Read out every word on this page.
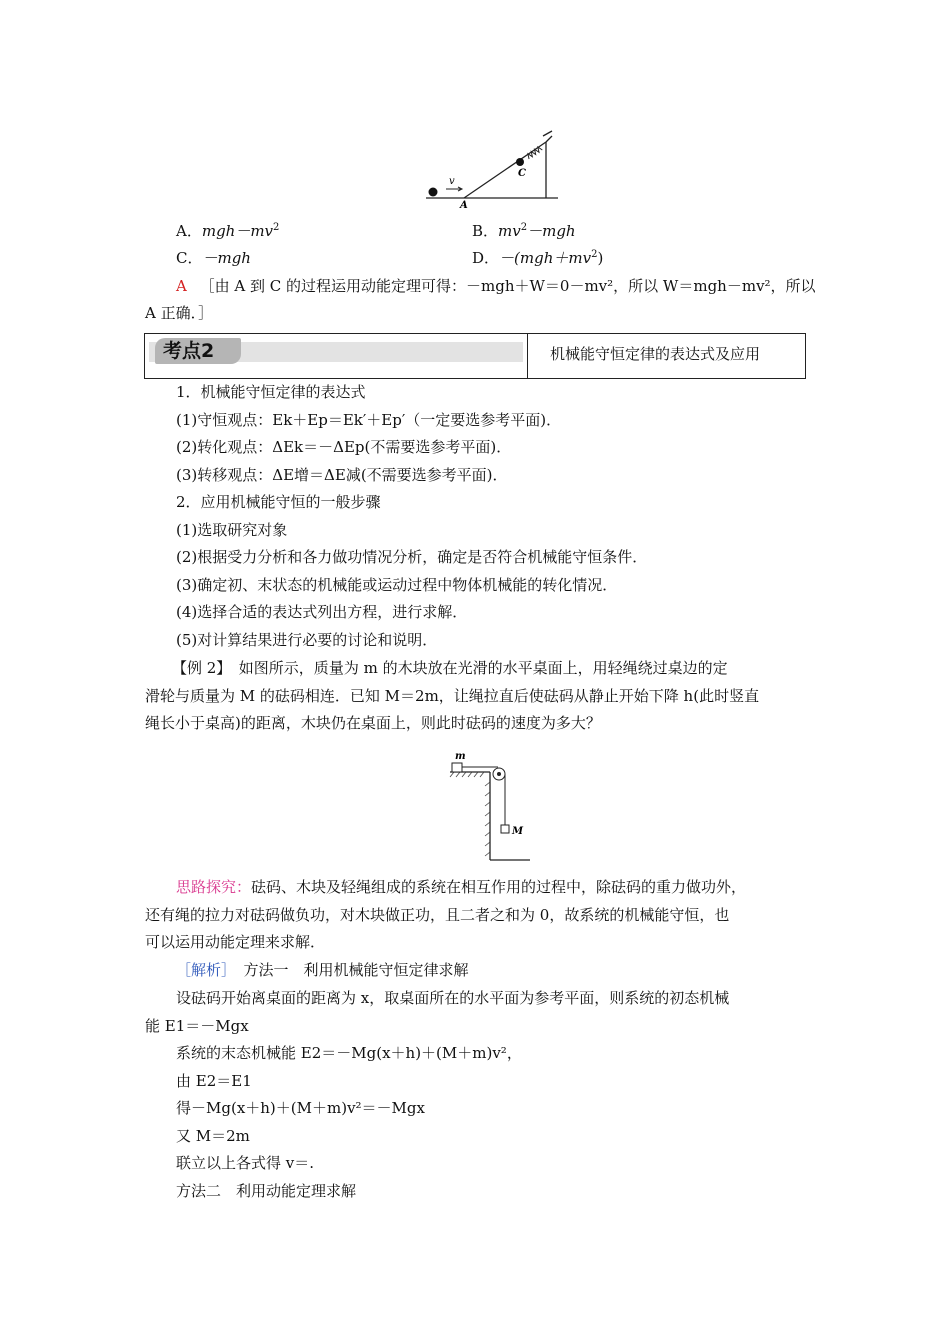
v
A
C
A．$mgh-mv^2$	B．$mv^2-mgh$
C．－mgh	D．$-(mgh+mv^2)$
A ［由 A 到 C 的过程运用动能定理可得：－mgh＋W＝0－mv²，所以 W＝mgh－mv²，所以
A 正确．］
考点2	机械能守恒定律的表达式及应用
1．机械能守恒定律的表达式
(1)守恒观点：Ek＋Ep＝Ek′＋Ep′（一定要选参考平面)．
(2)转化观点：ΔEk＝－ΔEp(不需要选参考平面)．
(3)转移观点：ΔE增＝ΔE减(不需要选参考平面)．
2．应用机械能守恒的一般步骤
(1)选取研究对象
(2)根据受力分析和各力做功情况分析，确定是否符合机械能守恒条件．
(3)确定初、末状态的机械能或运动过程中物体机械能的转化情况．
(4)选择合适的表达式列出方程，进行求解．
(5)对计算结果进行必要的讨论和说明．
【例 2】　如图所示，质量为 m 的木块放在光滑的水平桌面上，用轻绳绕过桌边的定
滑轮与质量为 M 的砝码相连．已知 M＝2m，让绳拉直后使砝码从静止开始下降 h(此时竖直
绳长小于桌高)的距离，木块仍在桌面上，则此时砝码的速度为多大？
m
M
思路探究：砝码、木块及轻绳组成的系统在相互作用的过程中，除砝码的重力做功外，
还有绳的拉力对砝码做负功，对木块做正功，且二者之和为 0，故系统的机械能守恒，也
可以运用动能定理来求解．
［解析］　方法一　利用机械能守恒定律求解
设砝码开始离桌面的距离为 x，取桌面所在的水平面为参考平面，则系统的初态机械
能 E1＝－Mgx
系统的末态机械能 E2＝－Mg(x＋h)＋(M＋m)v²，
由 E2＝E1
得－Mg(x＋h)＋(M＋m)v²＝－Mgx
又 M＝2m
联立以上各式得 v＝.
方法二　利用动能定理求解
